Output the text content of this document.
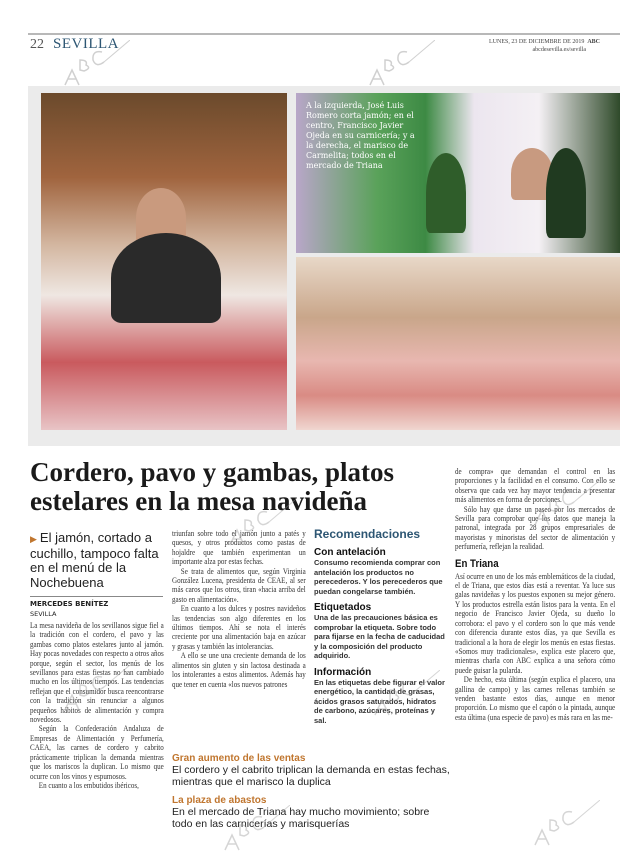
22 SEVILLA	LUNES, 23 DE DICIEMBRE DE 2019 ABC
abcdesevilla.es/sevilla
A la izquierda, José Luis Romero corta jamón; en el centro, Francisco Javier Ojeda en su carnicería; y a la derecha, el marisco de Carmelita; todos en el mercado de Triana
Cordero, pavo y gambas, platos estelares en la mesa navideña
▶ El jamón, cortado a cuchillo, tampoco falta en el menú de la Nochebuena
MERCEDES BENÍTEZ
SEVILLA

La mesa navideña de los sevillanos sigue fiel a la tradición con el cordero, el pavo y las gambas como platos estelares junto al jamón. Hay pocas novedades con respecto a otros años porque, según el sector, los menús de los sevillanos para estas fiestas no han cambiado mucho en los últimos tiempos. Las tendencias reflejan que el consumidor busca reencontrarse con la tradición sin renunciar a algunos pequeños hábitos de alimentación y compra novedosos.

Según la Confederación Andaluza de Empresas de Alimentación y Perfumería, CAEA, las carnes de cordero y cabrito prácticamente triplican la demanda mientras que los mariscos la duplican. Lo mismo que ocurre con los vinos y espumosos.

En cuanto a los embutidos ibéricos,

triunfan sobre todo el jamón junto a patés y quesos, y otros productos como pastas de hojaldre que también experimentan un importante alza por estas fechas.

Se trata de alimentos que, según Virginia González Lucena, presidenta de CEAE, al ser más caros que los otros, tiran «hacia arriba del gasto en alimentación».

En cuanto a los dulces y postres navideños las tendencias son algo diferentes en los últimos tiempos. Ahí se nota el interés creciente por una alimentación baja en azúcar y grasas y también las intolerancias.

A ello se une una creciente demanda de los alimentos sin gluten y sin lactosa destinada a los intolerantes a estos alimentos. Además hay que tener en cuenta «los nuevos patrones

Recomendaciones
Con antelación

Consumo recomienda comprar con antelación los productos no perecederos. Y los perecederos que puedan congelarse también.

Etiquetados

Una de las precauciones básica es comprobar la etiqueta. Sobre todo para fijarse en la fecha de caducidad y la composición del producto adquirido.

Información

En las etiquetas debe figurar el valor energético, la cantidad de grasas, ácidos grasos saturados, hidratos de carbono, azúcares, proteínas y sal.

Gran aumento de las ventas

El cordero y el cabrito triplican la demanda en estas fechas, mientras que el marisco la duplica

La plaza de abastos

En el mercado de Triana hay mucho movimiento; sobre todo en las carnicerías y marisquerías

de compra» que demandan el control en las proporciones y la facilidad en el consumo. Con ello se observa que cada vez hay mayor tendencia a presentar más alimentos en forma de porciones.

Sólo hay que darse un paseo por los mercados de Sevilla para comprobar que los datos que maneja la patronal, integrada por 28 grupos empresariales de mayoristas y minoristas del sector de alimentación y perfumería, reflejan la realidad.

En Triana

Así ocurre en uno de los más emblemáticos de la ciudad, el de Triana, que estos días está a reventar. Ya luce sus galas navideñas y los puestos exponen su mejor género. Y los productos estrella están listos para la venta. En el negocio de Francisco Javier Ojeda, su dueño lo corrobora: el pavo y el cordero son lo que más vende con diferencia durante estos días, ya que Sevilla es tradicional a la hora de elegir los menús en estas fiestas. «Somos muy tradicionales», explica este placero que, mientras charla con ABC explica a una señora cómo puede guisar la pularda.

De hecho, esta última (según explica el placero, una gallina de campo) y las carnes rellenas también se venden bastante estos días, aunque en menor proporción. Lo mismo que el capón o la pintada, aunque esta última (una especie de pavo) es más rara en las me-
